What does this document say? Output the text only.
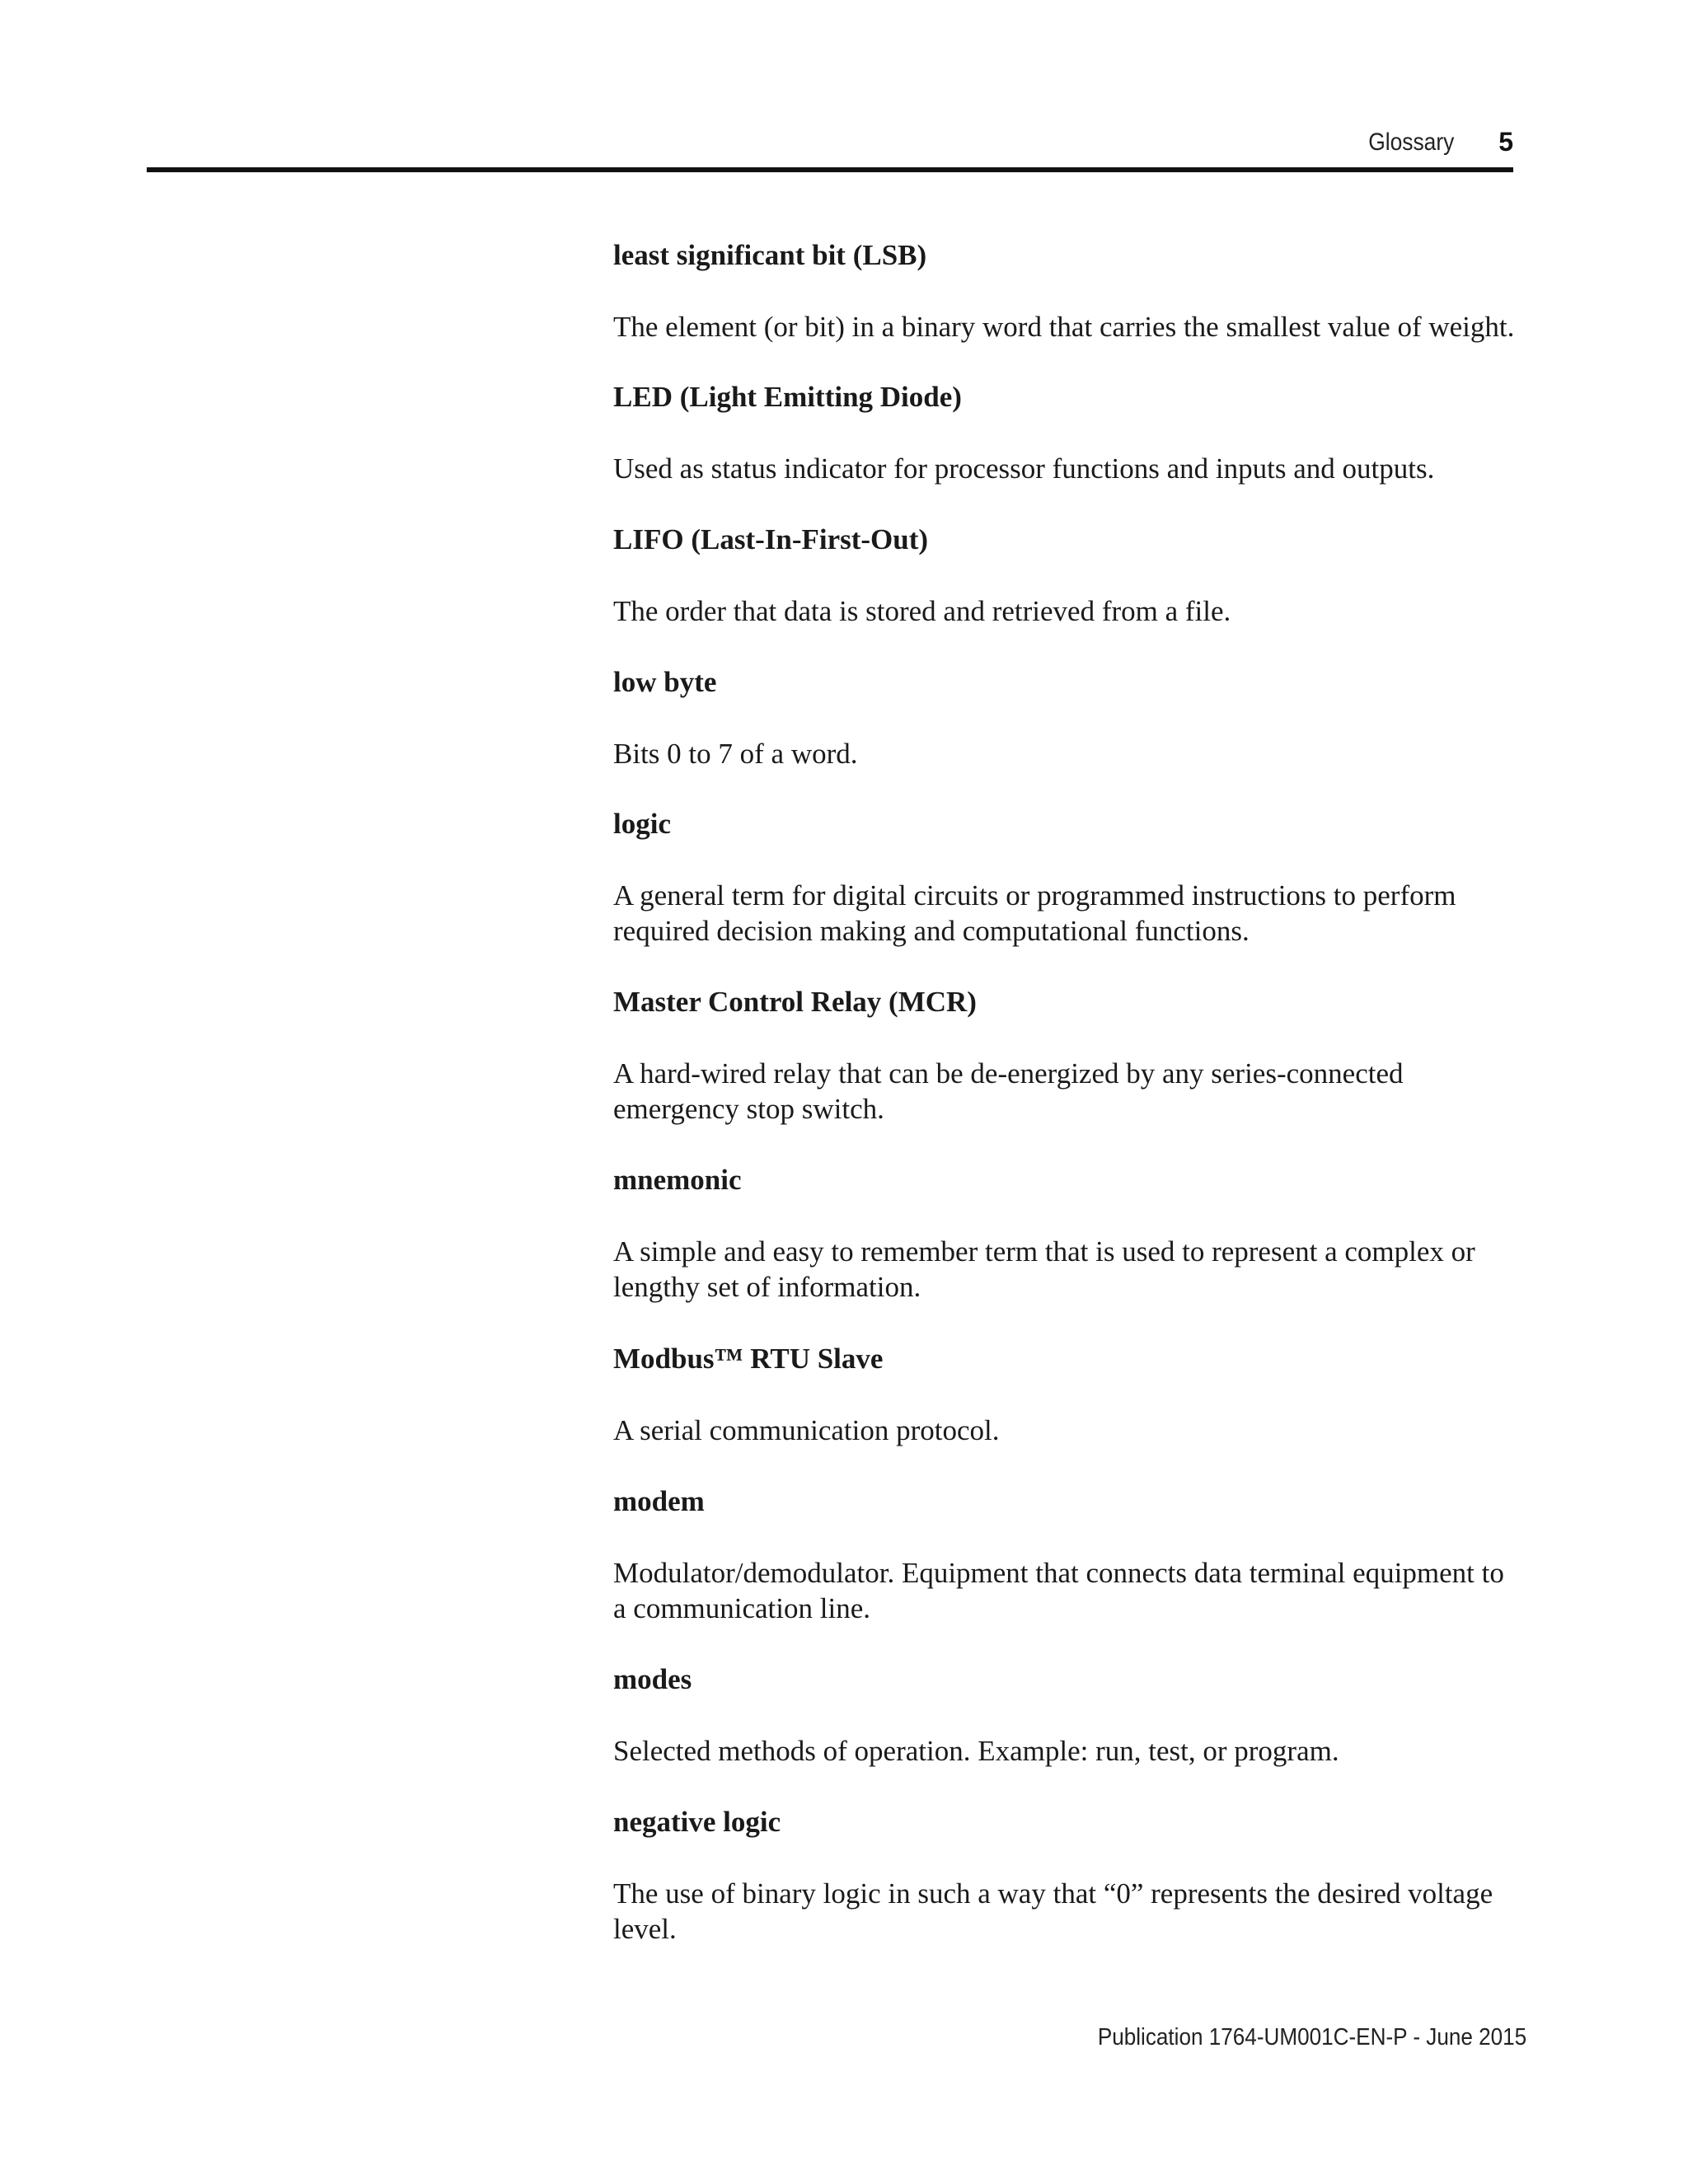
Glossary 5

least significant bit (LSB)

The element (or bit) in a binary word that carries the smallest value of weight.

LED (Light Emitting Diode)

Used as status indicator for processor functions and inputs and outputs.

LIFO (Last-In-First-Out)

The order that data is stored and retrieved from a file.

low byte

Bits 0 to 7 of a word.

logic

A general term for digital circuits or programmed instructions to perform required decision making and computational functions.

Master Control Relay (MCR)

A hard-wired relay that can be de-energized by any series-connected emergency stop switch.

mnemonic

A simple and easy to remember term that is used to represent a complex or lengthy set of information.

Modbus™ RTU Slave

A serial communication protocol.

modem

Modulator/demodulator. Equipment that connects data terminal equipment to a communication line.

modes

Selected methods of operation. Example: run, test, or program.

negative logic

The use of binary logic in such a way that “0” represents the desired voltage level.

Publication 1764-UM001C-EN-P - June 2015
